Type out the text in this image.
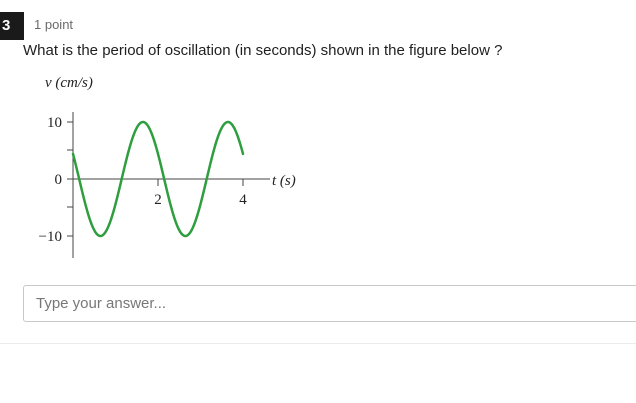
3	1 point
What is the period of oscillation (in seconds) shown in the figure below ?
v (cm/s)
10
0
−10
2	4
t (s)
Type your answer...
